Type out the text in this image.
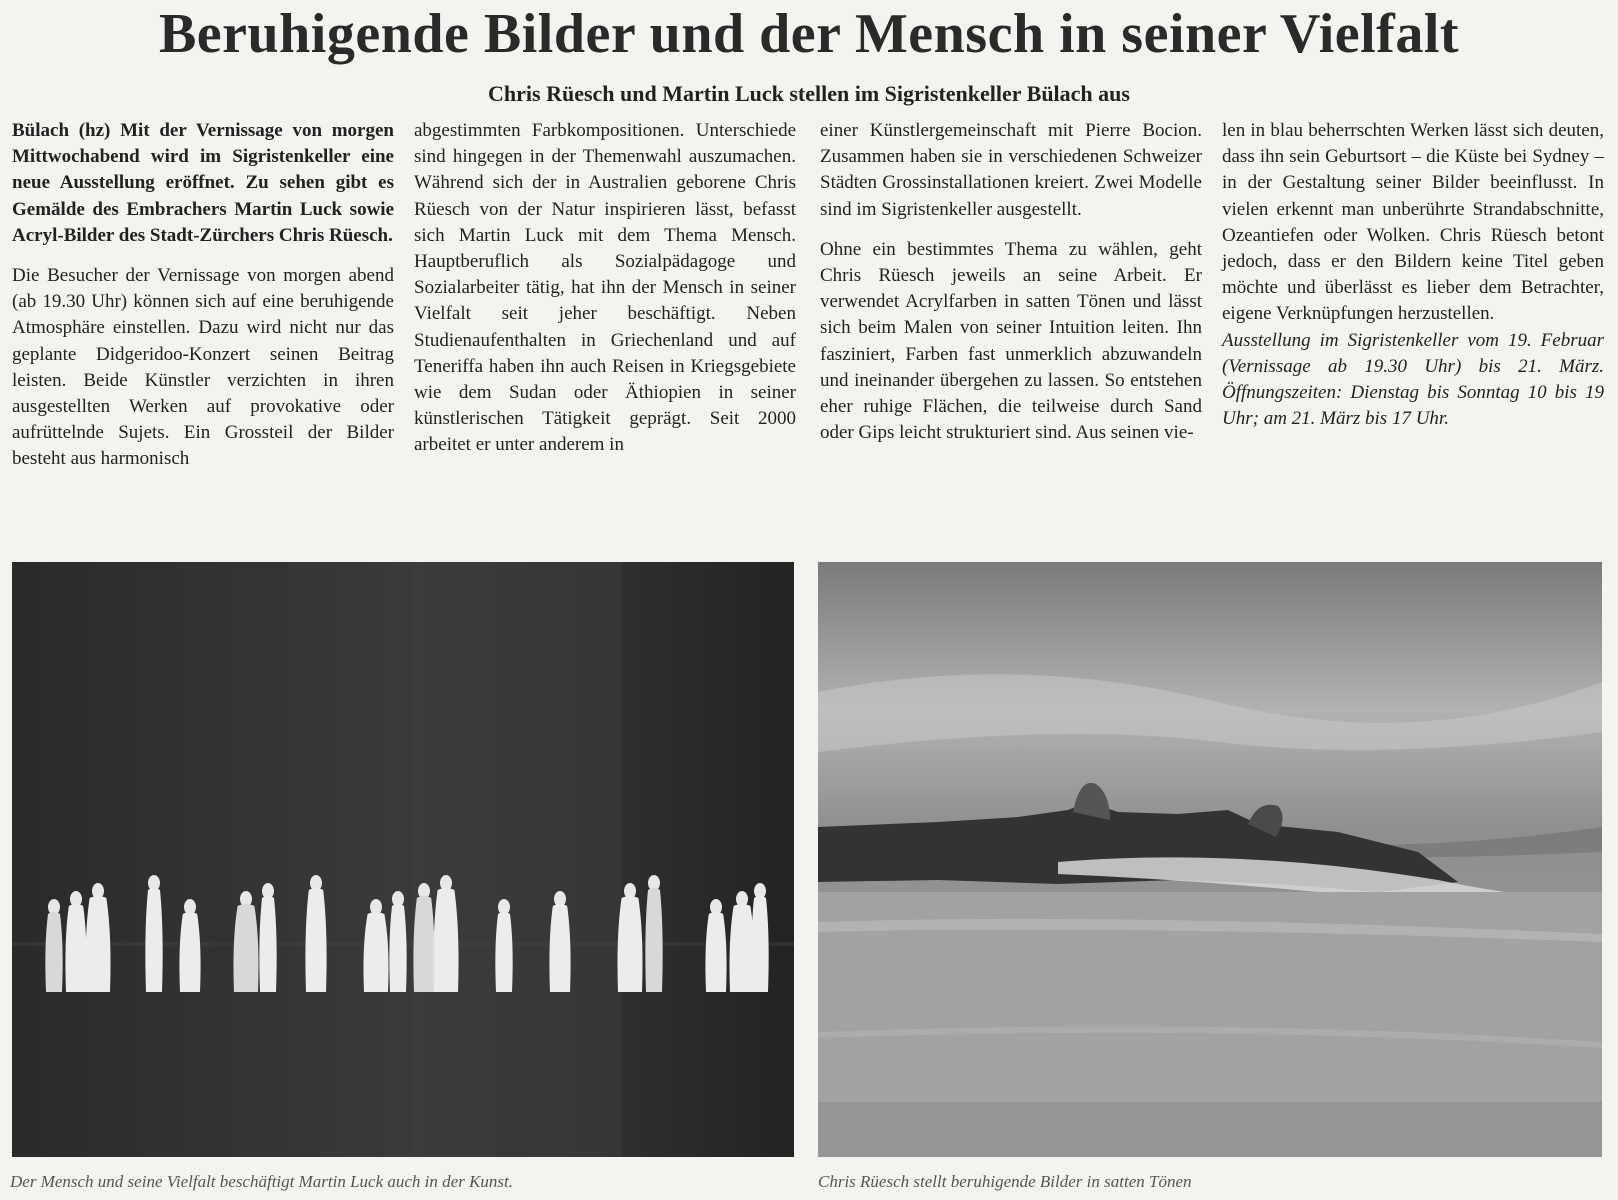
Beruhigende Bilder und der Mensch in seiner Vielfalt
Chris Rüesch und Martin Luck stellen im Sigristenkeller Bülach aus

Bülach (hz) Mit der Vernissage von morgen Mittwochabend wird im Sigristenkeller eine neue Ausstellung eröffnet. Zu sehen gibt es Gemälde des Embrachers Martin Luck sowie Acryl-Bilder des Stadt-Zürchers Chris Rüesch.

Die Besucher der Vernissage von morgen abend (ab 19.30 Uhr) können sich auf eine beruhigende Atmosphäre einstellen. Dazu wird nicht nur das geplante Didgeridoo-Konzert seinen Beitrag leisten. Beide Künstler verzichten in ihren ausgestellten Werken auf provokative oder aufrüttelnde Sujets. Ein Grossteil der Bilder besteht aus harmonisch

abgestimmten Farbkompositionen. Unterschiede sind hingegen in der Themenwahl auszumachen. Während sich der in Australien geborene Chris Rüesch von der Natur inspirieren lässt, befasst sich Martin Luck mit dem Thema Mensch. Hauptberuflich als Sozialpädagoge und Sozialarbeiter tätig, hat ihn der Mensch in seiner Vielfalt seit jeher beschäftigt. Neben Studienaufenthalten in Griechenland und auf Teneriffa haben ihn auch Reisen in Kriegsgebiete wie dem Sudan oder Äthiopien in seiner künstlerischen Tätigkeit geprägt. Seit 2000 arbeitet er unter anderem in

einer Künstlergemeinschaft mit Pierre Bocion. Zusammen haben sie in verschiedenen Schweizer Städten Grossinstallationen kreiert. Zwei Modelle sind im Sigristenkeller ausgestellt.

Ohne ein bestimmtes Thema zu wählen, geht Chris Rüesch jeweils an seine Arbeit. Er verwendet Acrylfarben in satten Tönen und lässt sich beim Malen von seiner Intuition leiten. Ihn fasziniert, Farben fast unmerklich abzuwandeln und ineinander übergehen zu lassen. So entstehen eher ruhige Flächen, die teilweise durch Sand oder Gips leicht strukturiert sind. Aus seinen vie-

len in blau beherrschten Werken lässt sich deuten, dass ihn sein Geburtsort – die Küste bei Sydney – in der Gestaltung seiner Bilder beeinflusst. In vielen erkennt man unberührte Strandabschnitte, Ozeantiefen oder Wolken. Chris Rüesch betont jedoch, dass er den Bildern keine Titel geben möchte und überlässt es lieber dem Betrachter, eigene Verknüpfungen herzustellen.

Ausstellung im Sigristenkeller vom 19. Februar (Vernissage ab 19.30 Uhr) bis 21. März. Öffnungszeiten: Dienstag bis Sonntag 10 bis 19 Uhr; am 21. März bis 17 Uhr.

Der Mensch und seine Vielfalt beschäftigt Martin Luck auch in der Kunst.	Chris Rüesch stellt beruhigende Bilder in satten Tönen
